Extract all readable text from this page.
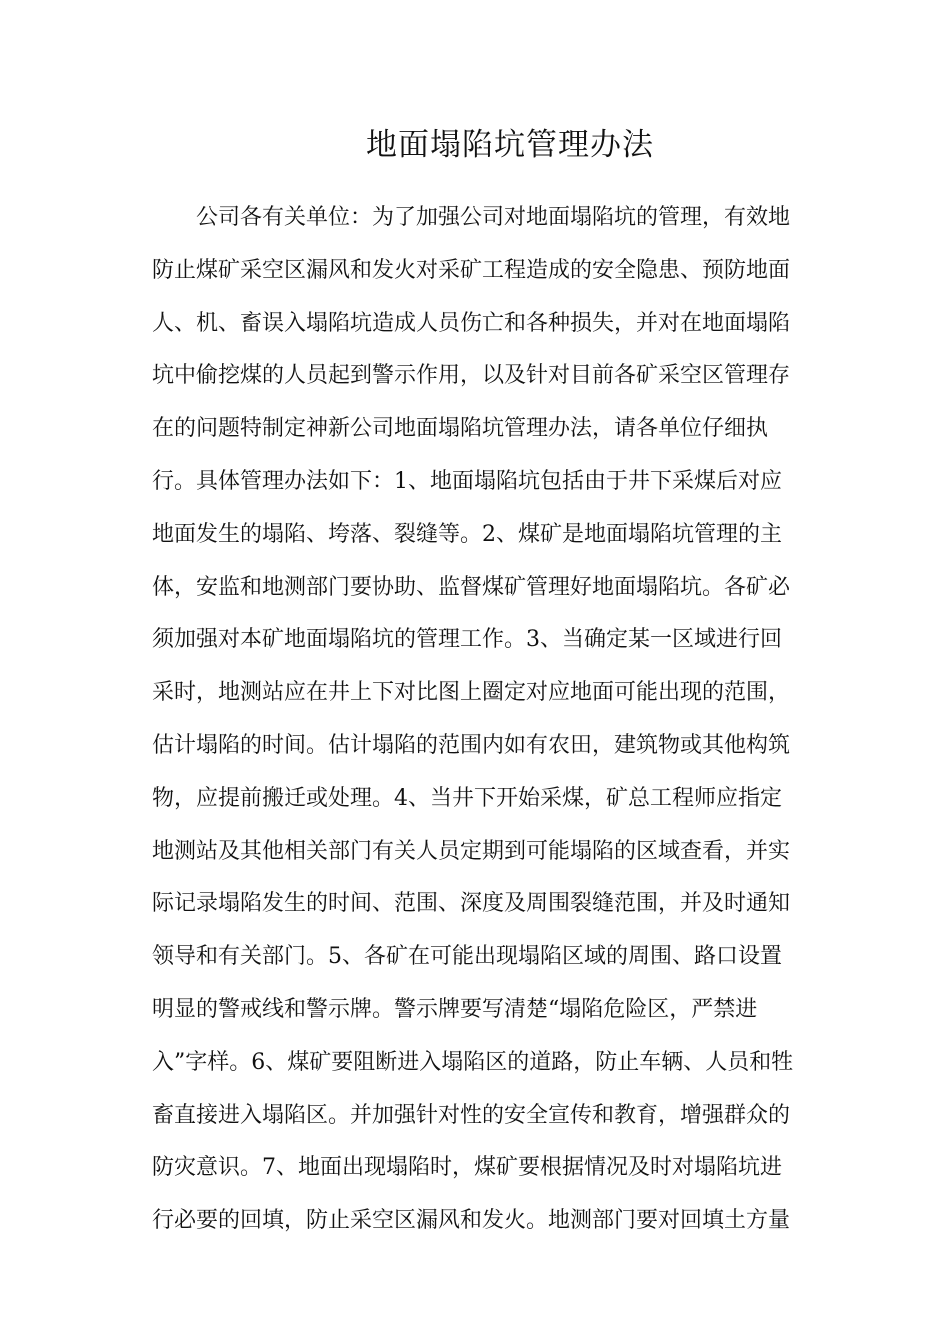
地面塌陷坑管理办法
公司各有关单位：为了加强公司对地面塌陷坑的管理，有效地
防止煤矿采空区漏风和发火对采矿工程造成的安全隐患、预防地面
人、机、畜误入塌陷坑造成人员伤亡和各种损失，并对在地面塌陷
坑中偷挖煤的人员起到警示作用，以及针对目前各矿采空区管理存
在的问题特制定神新公司地面塌陷坑管理办法，请各单位仔细执
行。具体管理办法如下：1、地面塌陷坑包括由于井下采煤后对应
地面发生的塌陷、垮落、裂缝等。2、煤矿是地面塌陷坑管理的主
体，安监和地测部门要协助、监督煤矿管理好地面塌陷坑。各矿必
须加强对本矿地面塌陷坑的管理工作。3、当确定某一区域进行回
采时，地测站应在井上下对比图上圈定对应地面可能出现的范围，
估计塌陷的时间。估计塌陷的范围内如有农田，建筑物或其他构筑
物，应提前搬迁或处理。4、当井下开始采煤，矿总工程师应指定
地测站及其他相关部门有关人员定期到可能塌陷的区域查看，并实
际记录塌陷发生的时间、范围、深度及周围裂缝范围，并及时通知
领导和有关部门。5、各矿在可能出现塌陷区域的周围、路口设置
明显的警戒线和警示牌。警示牌要写清楚“塌陷危险区，严禁进
入”字样。6、煤矿要阻断进入塌陷区的道路，防止车辆、人员和牲
畜直接进入塌陷区。并加强针对性的安全宣传和教育，增强群众的
防灾意识。7、地面出现塌陷时，煤矿要根据情况及时对塌陷坑进
行必要的回填，防止采空区漏风和发火。地测部门要对回填土方量
